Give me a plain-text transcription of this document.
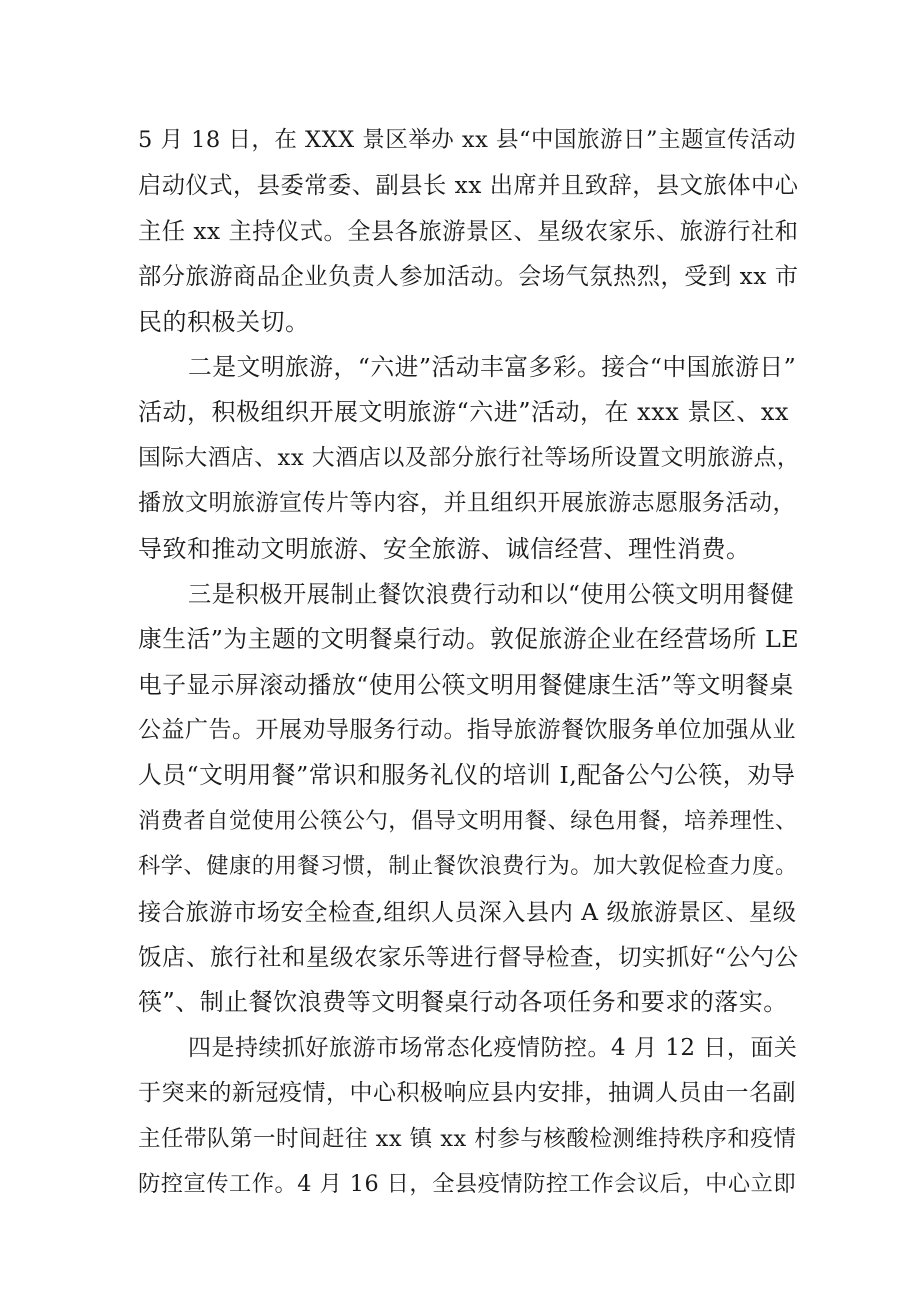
5 月 18 日，在 XXX 景区举办 xx 县“中国旅游日”主题宣传活动
启动仪式，县委常委、副县长 xx 出席并且致辞，县文旅体中心
主任 xx 主持仪式。全县各旅游景区、星级农家乐、旅游行社和
部分旅游商品企业负责人参加活动。会场气氛热烈，受到 xx 市
民的积极关切。
二是文明旅游，“六进”活动丰富多彩。接合“中国旅游日”
活动，积极组织开展文明旅游“六进”活动，在 xxx 景区、xx
国际大酒店、xx 大酒店以及部分旅行社等场所设置文明旅游点，
播放文明旅游宣传片等内容，并且组织开展旅游志愿服务活动，
导致和推动文明旅游、安全旅游、诚信经营、理性消费。
三是积极开展制止餐饮浪费行动和以“使用公筷文明用餐健
康生活”为主题的文明餐桌行动。敦促旅游企业在经营场所 LE
电子显示屏滚动播放“使用公筷文明用餐健康生活”等文明餐桌
公益广告。开展劝导服务行动。指导旅游餐饮服务单位加强从业
人员“文明用餐”常识和服务礼仪的培训 I,配备公勺公筷，劝导
消费者自觉使用公筷公勺，倡导文明用餐、绿色用餐，培养理性、
科学、健康的用餐习惯，制止餐饮浪费行为。加大敦促检查力度。
接合旅游市场安全检查,组织人员深入县内 A 级旅游景区、星级
饭店、旅行社和星级农家乐等进行督导检查，切实抓好“公勺公
筷”、制止餐饮浪费等文明餐桌行动各项任务和要求的落实。
四是持续抓好旅游市场常态化疫情防控。4 月 12 日，面关
于突来的新冠疫情，中心积极响应县内安排，抽调人员由一名副
主任带队第一时间赶往 xx 镇 xx 村参与核酸检测维持秩序和疫情
防控宣传工作。4 月 16 日，全县疫情防控工作会议后，中心立即
